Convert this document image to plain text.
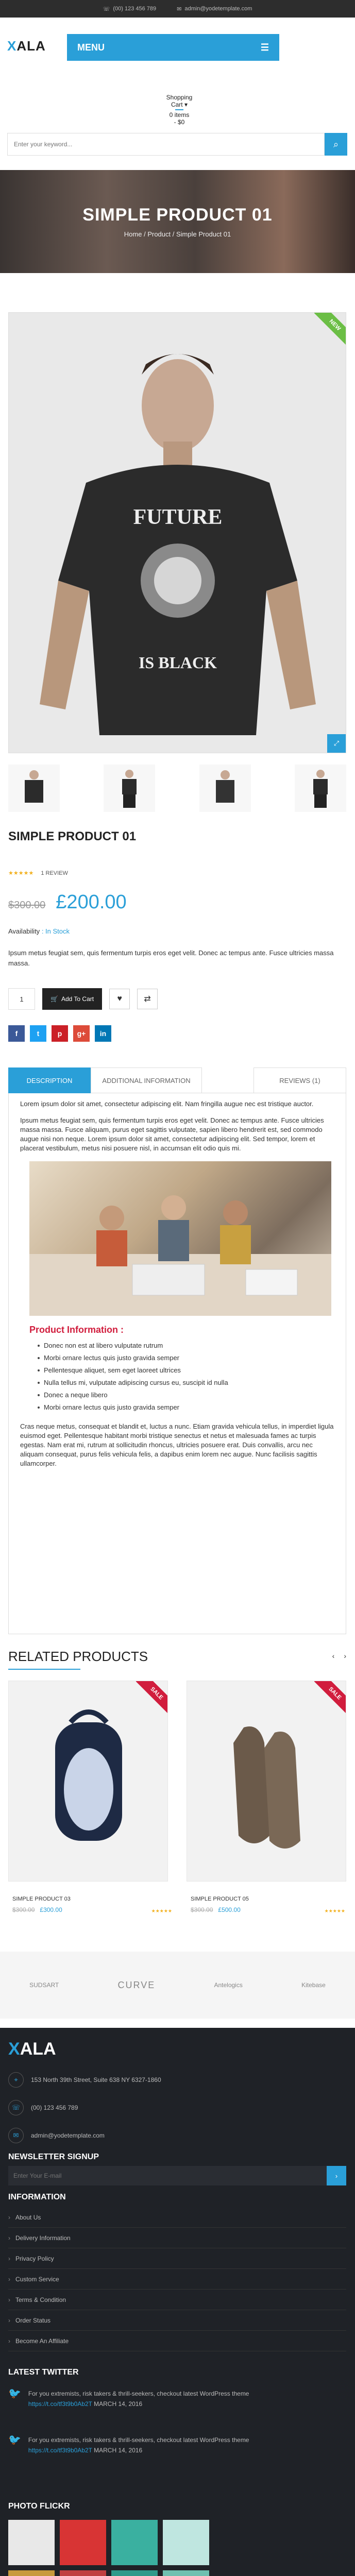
☏ (00) 123 456 789	✉ admin@yodetemplate.com
XALA	MENU	☰
Shopping
Cart ▾
0 items
- $0
Enter your keyword...
⌕
SIMPLE PRODUCT 01
Home / Product / Simple Product 01
FUTURE
IS BLACK
NEW
⤢
SIMPLE PRODUCT 01
★★★★★ 1 REVIEW
$300.00 £200.00
Availability : In Stock
Ipsum metus feugiat sem, quis fermentum turpis eros eget velit. Donec ac tempus ante. Fusce ultricies massa massa.
1	🛒 Add To Cart	♥	⇄
f	t	p	g+	in
DESCRIPTION	ADDITIONAL INFORMATION	REVIEWS (1)

Lorem ipsum dolor sit amet, consectetur adipiscing elit. Nam fringilla augue nec est tristique auctor.

Ipsum metus feugiat sem, quis fermentum turpis eros eget velit. Donec ac tempus ante. Fusce ultricies massa massa. Fusce aliquam, purus eget sagittis vulputate, sapien libero hendrerit est, sed commodo augue nisi non neque. Lorem ipsum dolor sit amet, consectetur adipiscing elit. Sed tempor, lorem et placerat vestibulum, metus nisi posuere nisl, in accumsan elit odio quis mi.

Product Information :
Donec non est at libero vulputate rutrum
Morbi ornare lectus quis justo gravida semper
Pellentesque aliquet, sem eget laoreet ultrices
Nulla tellus mi, vulputate adipiscing cursus eu, suscipit id nulla
Donec a neque libero
Morbi ornare lectus quis justo gravida semper

Cras neque metus, consequat et blandit et, luctus a nunc. Etiam gravida vehicula tellus, in imperdiet ligula euismod eget. Pellentesque habitant morbi tristique senectus et netus et malesuada fames ac turpis egestas. Nam erat mi, rutrum at sollicitudin rhoncus, ultricies posuere erat. Duis convallis, arcu nec aliquam consequat, purus felis vehicula felis, a dapibus enim lorem nec augue. Nunc facilisis sagittis ullamcorper.

RELATED PRODUCTS	‹ ›
SALE	SALE
SIMPLE PRODUCT 03
$300.00 £300.00	★★★★★
SIMPLE PRODUCT 05
$300.00 £500.00	★★★★★
SUDSART	CURVE	Antelogics	Kitebase
XALA
⌖	153 North 39th Street, Suite 638 NY 6327-1860
☏	(00) 123 456 789
✉	admin@yodetemplate.com
NEWSLETTER SIGNUP
Enter Your E-mail
›
INFORMATION
› About Us
› Delivery Information
› Privacy Policy
› Custom Service
› Terms & Condition
› Order Status
› Become An Affiliate
LATEST TWITTER
🐦 For you extremists, risk takers & thrill-seekers, checkout latest WordPress theme
https://t.co/tf3t9b0Ab2T MARCH 14, 2016
🐦 For you extremists, risk takers & thrill-seekers, checkout latest WordPress theme
https://t.co/tf3t9b0Ab2T MARCH 14, 2016
PHOTO FLICKR
